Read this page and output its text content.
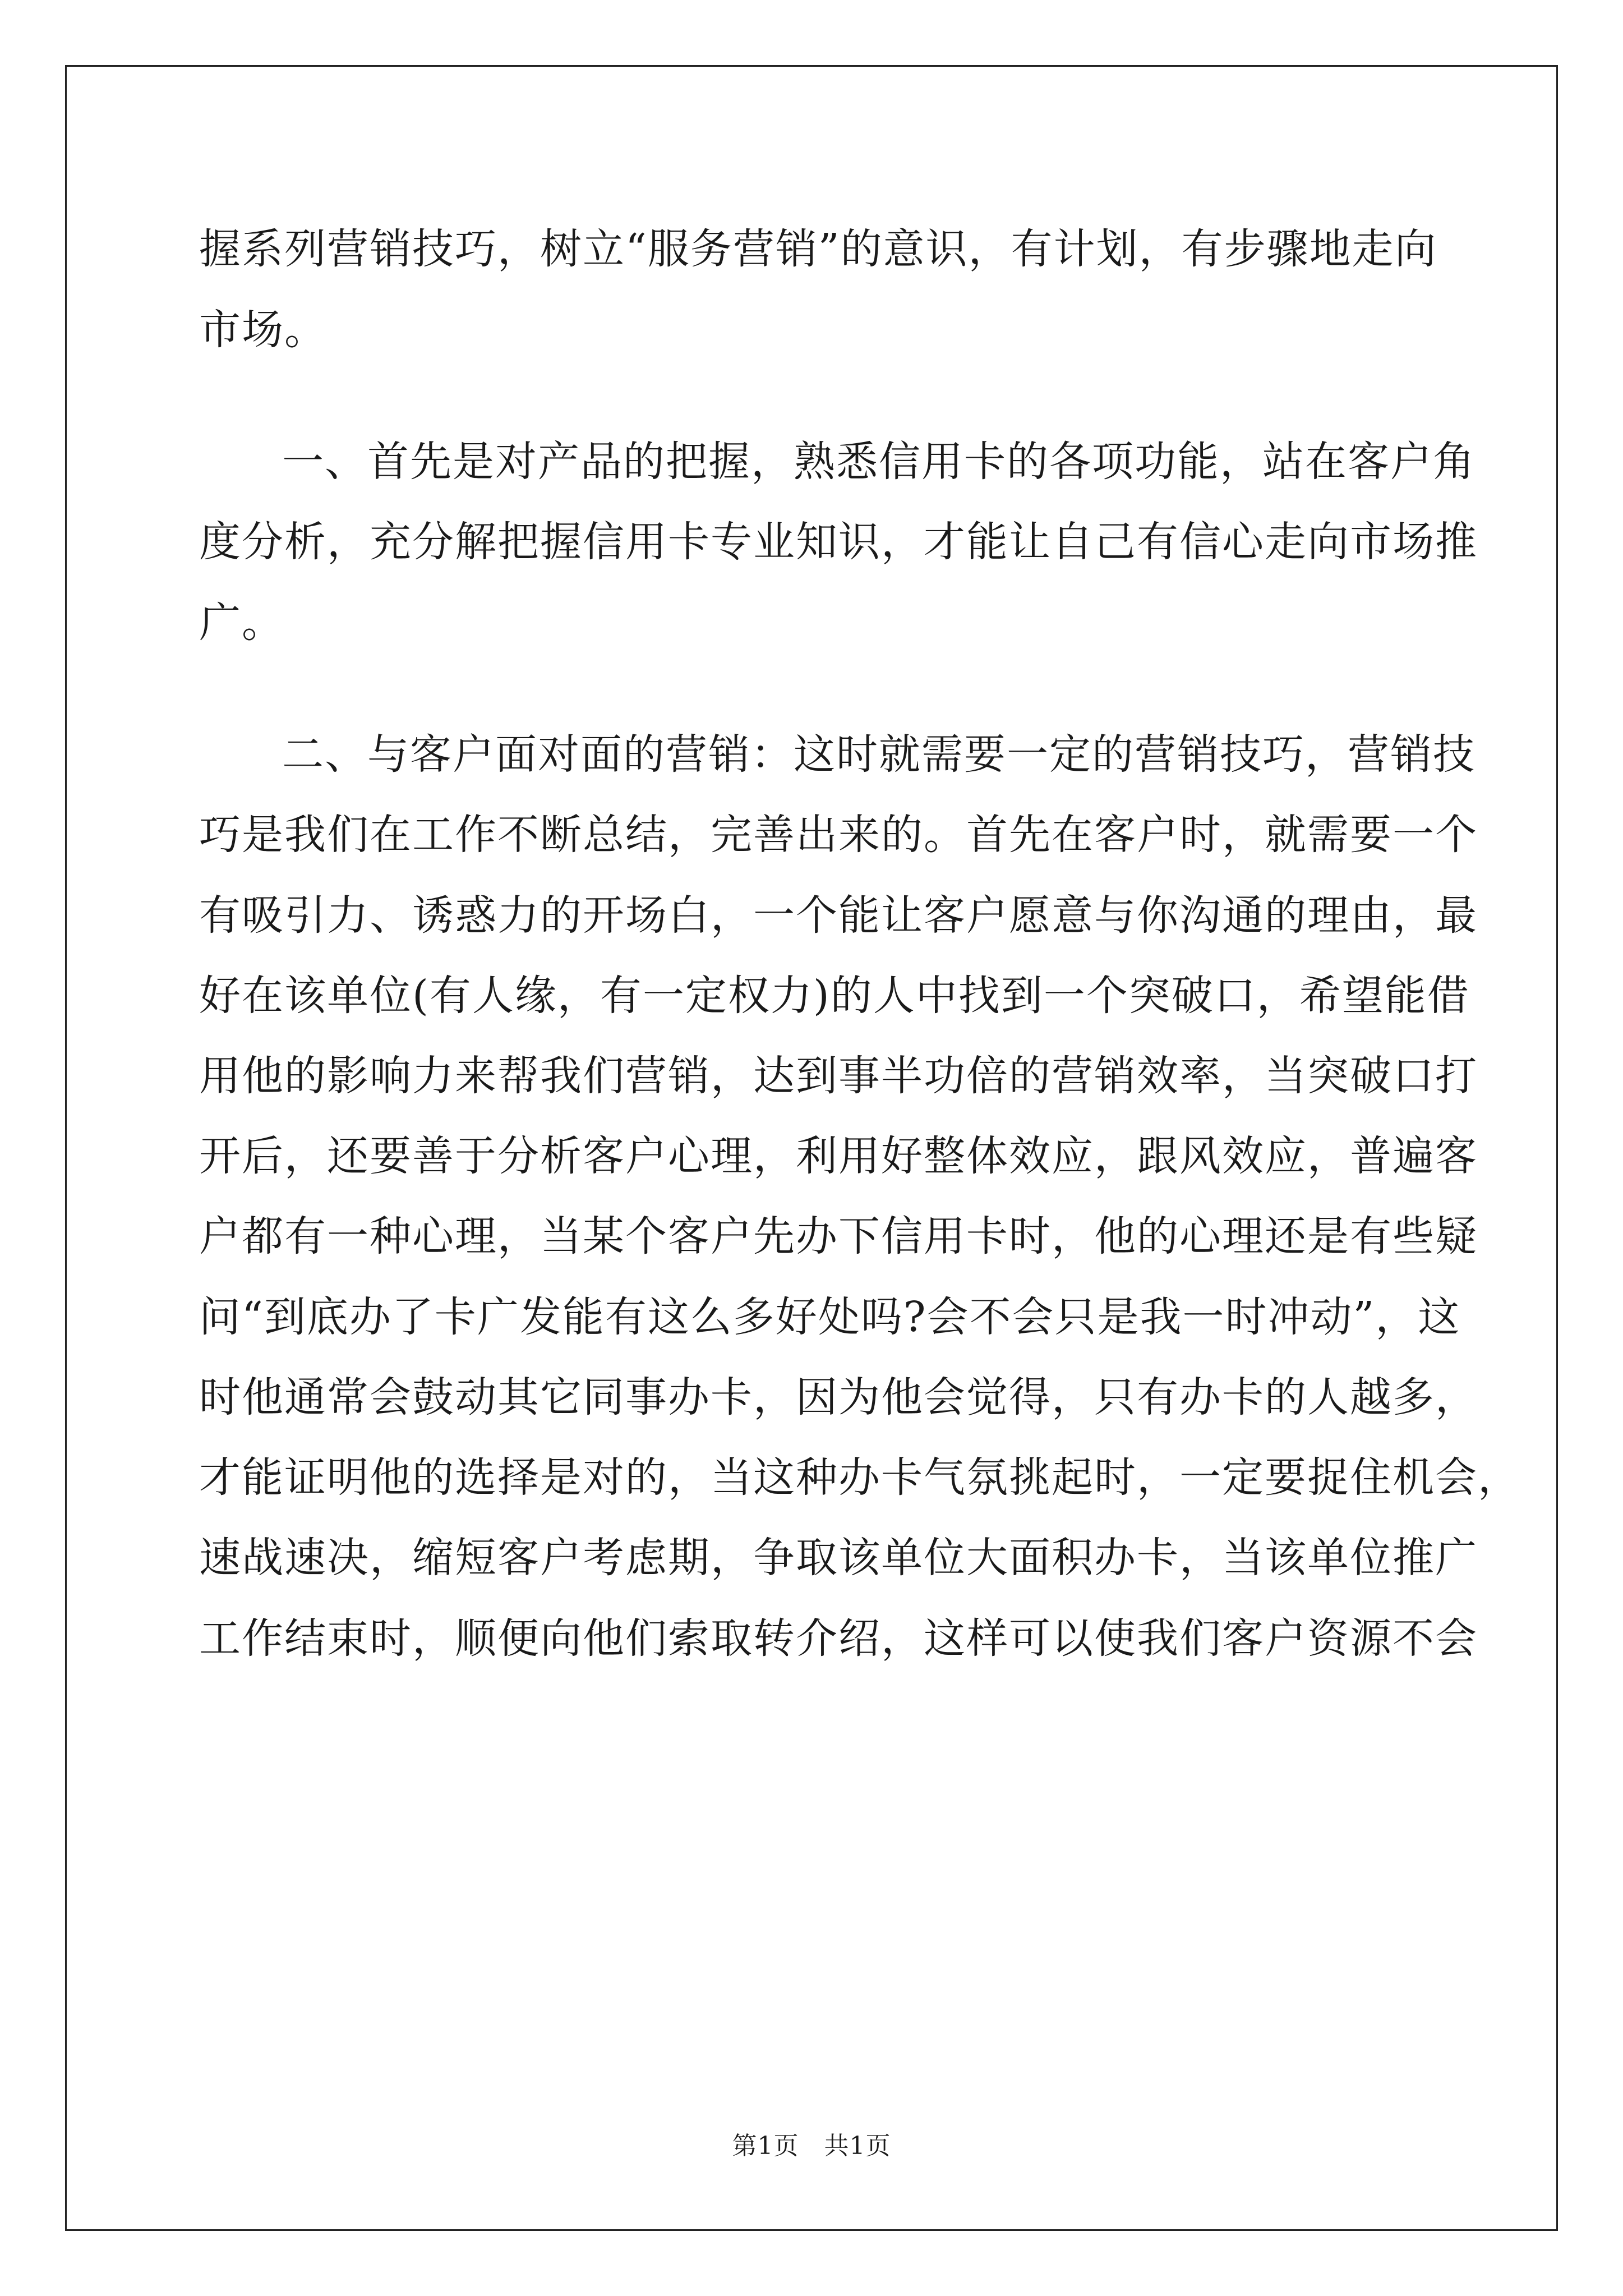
握系列营销技巧，树立“服务营销”的意识，有计划，有步骤地走向
市场。
一、首先是对产品的把握，熟悉信用卡的各项功能，站在客户角
度分析，充分解把握信用卡专业知识，才能让自己有信心走向市场推
广。
二、与客户面对面的营销：这时就需要一定的营销技巧，营销技
巧是我们在工作不断总结，完善出来的。首先在客户时，就需要一个
有吸引力、诱惑力的开场白，一个能让客户愿意与你沟通的理由，最
好在该单位(有人缘，有一定权力)的人中找到一个突破口，希望能借
用他的影响力来帮我们营销，达到事半功倍的营销效率，当突破口打
开后，还要善于分析客户心理，利用好整体效应，跟风效应，普遍客
户都有一种心理，当某个客户先办下信用卡时，他的心理还是有些疑
问“到底办了卡广发能有这么多好处吗?会不会只是我一时冲动”，这
时他通常会鼓动其它同事办卡，因为他会觉得，只有办卡的人越多，
才能证明他的选择是对的，当这种办卡气氛挑起时，一定要捉住机会，
速战速决，缩短客户考虑期，争取该单位大面积办卡，当该单位推广
工作结束时，顺便向他们索取转介绍，这样可以使我们客户资源不会
第1页　共1页
